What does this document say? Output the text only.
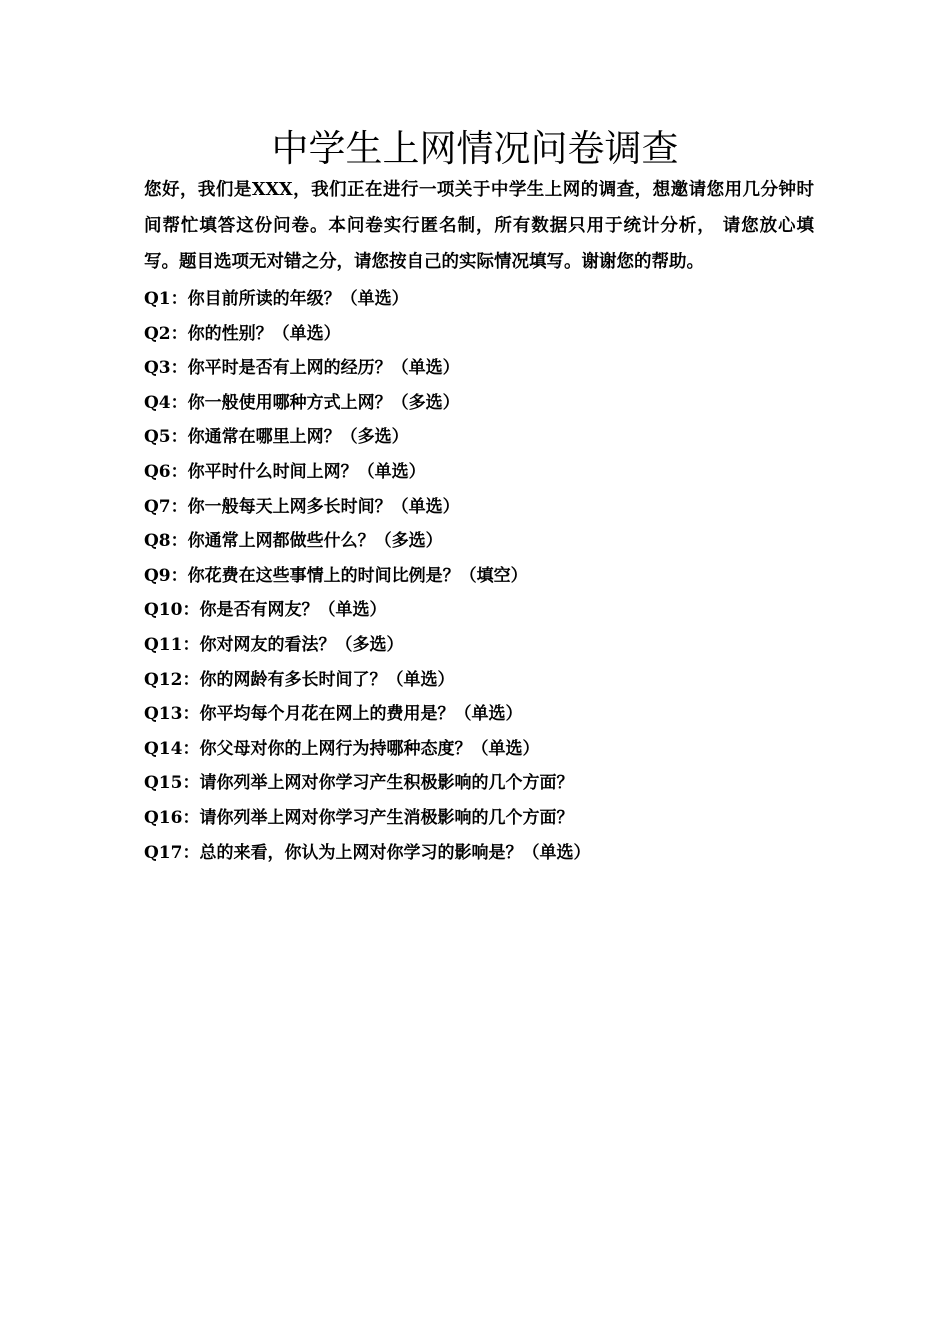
中学生上网情况问卷调查

您好，我们是XXX，我们正在进行一项关于中学生上网的调查，想邀请您用几分钟时间帮忙填答这份问卷。本问卷实行匿名制，所有数据只用于统计分析， 请您放心填写。题目选项无对错之分，请您按自己的实际情况填写。谢谢您的帮助。

Q1：你目前所读的年级？（单选）
Q2：你的性别？（单选）
Q3：你平时是否有上网的经历？（单选）
Q4：你一般使用哪种方式上网？（多选）
Q5：你通常在哪里上网？（多选）
Q6：你平时什么时间上网？（单选）
Q7：你一般每天上网多长时间？（单选）
Q8：你通常上网都做些什么？（多选）
Q9：你花费在这些事情上的时间比例是？（填空）
Q10：你是否有网友？（单选）
Q11：你对网友的看法？（多选）
Q12：你的网龄有多长时间了？（单选）
Q13：你平均每个月花在网上的费用是？（单选）
Q14：你父母对你的上网行为持哪种态度？（单选）
Q15：请你列举上网对你学习产生积极影响的几个方面？
Q16：请你列举上网对你学习产生消极影响的几个方面？
Q17：总的来看，你认为上网对你学习的影响是？（单选）
